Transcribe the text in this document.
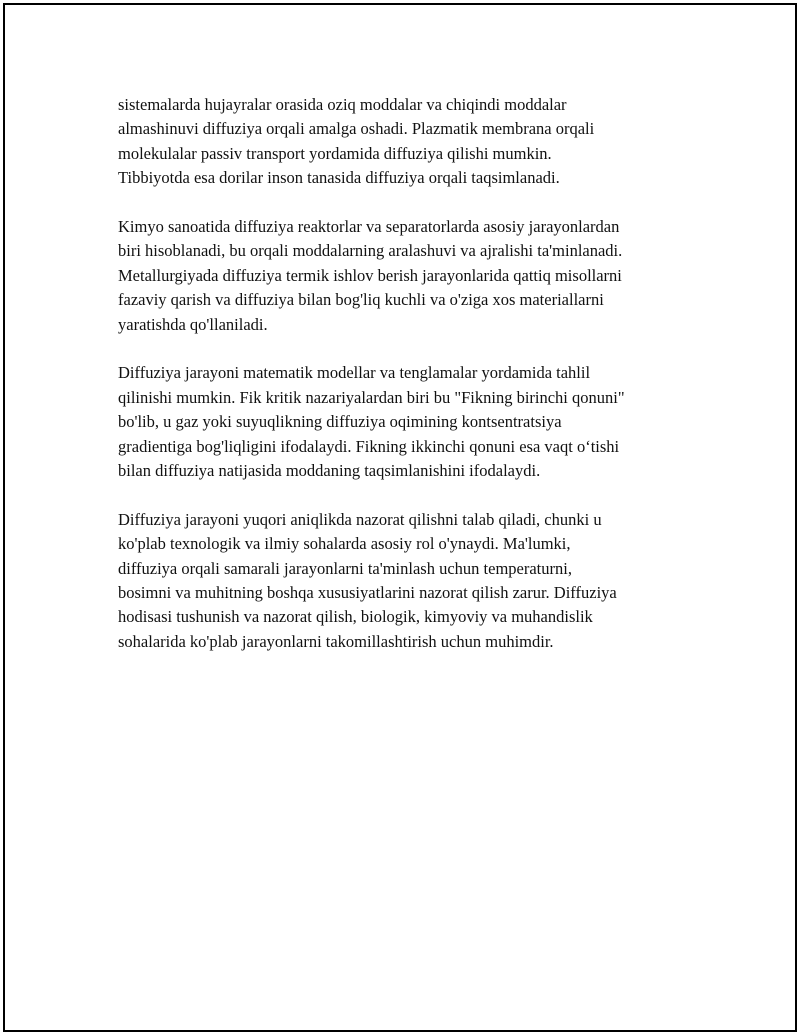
sistemalarda hujayralar orasida oziq moddalar va chiqindi moddalar
almashinuvi diffuziya orqali amalga oshadi. Plazmatik membrana orqali
molekulalar passiv transport yordamida diffuziya qilishi mumkin.
Tibbiyotda esa dorilar inson tanasida diffuziya orqali taqsimlanadi.

Kimyo sanoatida diffuziya reaktorlar va separatorlarda asosiy jarayonlardan
biri hisoblanadi, bu orqali moddalarning aralashuvi va ajralishi ta'minlanadi.
Metallurgiyada diffuziya termik ishlov berish jarayonlarida qattiq misollarni
fazaviy qarish va diffuziya bilan bog'liq kuchli va o'ziga xos materiallarni
yaratishda qo'llaniladi.

Diffuziya jarayoni matematik modellar va tenglamalar yordamida tahlil
qilinishi mumkin. Fik kritik nazariyalardan biri bu "Fikning birinchi qonuni"
bo'lib, u gaz yoki suyuqlikning diffuziya oqimining kontsentratsiya
gradientiga bog'liqligini ifodalaydi. Fikning ikkinchi qonuni esa vaqt o‘tishi
bilan diffuziya natijasida moddaning taqsimlanishini ifodalaydi.

Diffuziya jarayoni yuqori aniqlikda nazorat qilishni talab qiladi, chunki u
ko'plab texnologik va ilmiy sohalarda asosiy rol o'ynaydi. Ma'lumki,
diffuziya orqali samarali jarayonlarni ta'minlash uchun temperaturni,
bosimni va muhitning boshqa xususiyatlarini nazorat qilish zarur. Diffuziya
hodisasi tushunish va nazorat qilish, biologik, kimyoviy va muhandislik
sohalarida ko'plab jarayonlarni takomillashtirish uchun muhimdir.
